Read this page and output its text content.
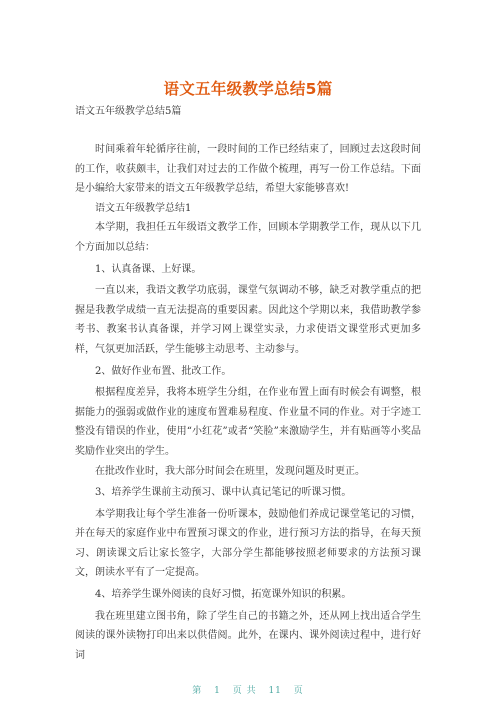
语文五年级教学总结5篇
语文五年级教学总结5篇

时间乘着年轮循序往前，一段时间的工作已经结束了，回顾过去这段时间的工作，收获颇丰，让我们对过去的工作做个梳理，再写一份工作总结。下面是小编给大家带来的语文五年级教学总结，希望大家能够喜欢!

语文五年级教学总结1

本学期，我担任五年级语文教学工作，回顾本学期教学工作，现从以下几个方面加以总结：

1、认真备课、上好课。

一直以来，我语文教学功底弱，课堂气氛调动不够，缺乏对教学重点的把握是我教学成绩一直无法提高的重要因素。因此这个学期以来，我借助教学参考书、教案书认真备课，并学习网上课堂实录，力求使语文课堂形式更加多样，气氛更加活跃，学生能够主动思考、主动参与。

2、做好作业布置、批改工作。

根据程度差异，我将本班学生分组，在作业布置上面有时候会有调整，根据能力的强弱或做作业的速度布置难易程度、作业量不同的作业。对于字迹工整没有错误的作业，使用“小红花”或者“笑脸”来激励学生，并有贴画等小奖品奖励作业突出的学生。

在批改作业时，我大部分时间会在班里，发现问题及时更正。

3、培养学生课前主动预习、课中认真记笔记的听课习惯。

本学期我让每个学生准备一份听课本，鼓励他们养成记课堂笔记的习惯，并在每天的家庭作业中布置预习课文的作业，进行预习方法的指导，在每天预习、朗读课文后让家长签字，大部分学生都能够按照老师要求的方法预习课文，朗读水平有了一定提高。

4、培养学生课外阅读的良好习惯，拓宽课外知识的积累。

我在班里建立图书角，除了学生自己的书籍之外，还从网上找出适合学生阅读的课外读物打印出来以供借阅。此外，在课内、课外阅读过程中，进行好词

第 1 页 共 11 页
